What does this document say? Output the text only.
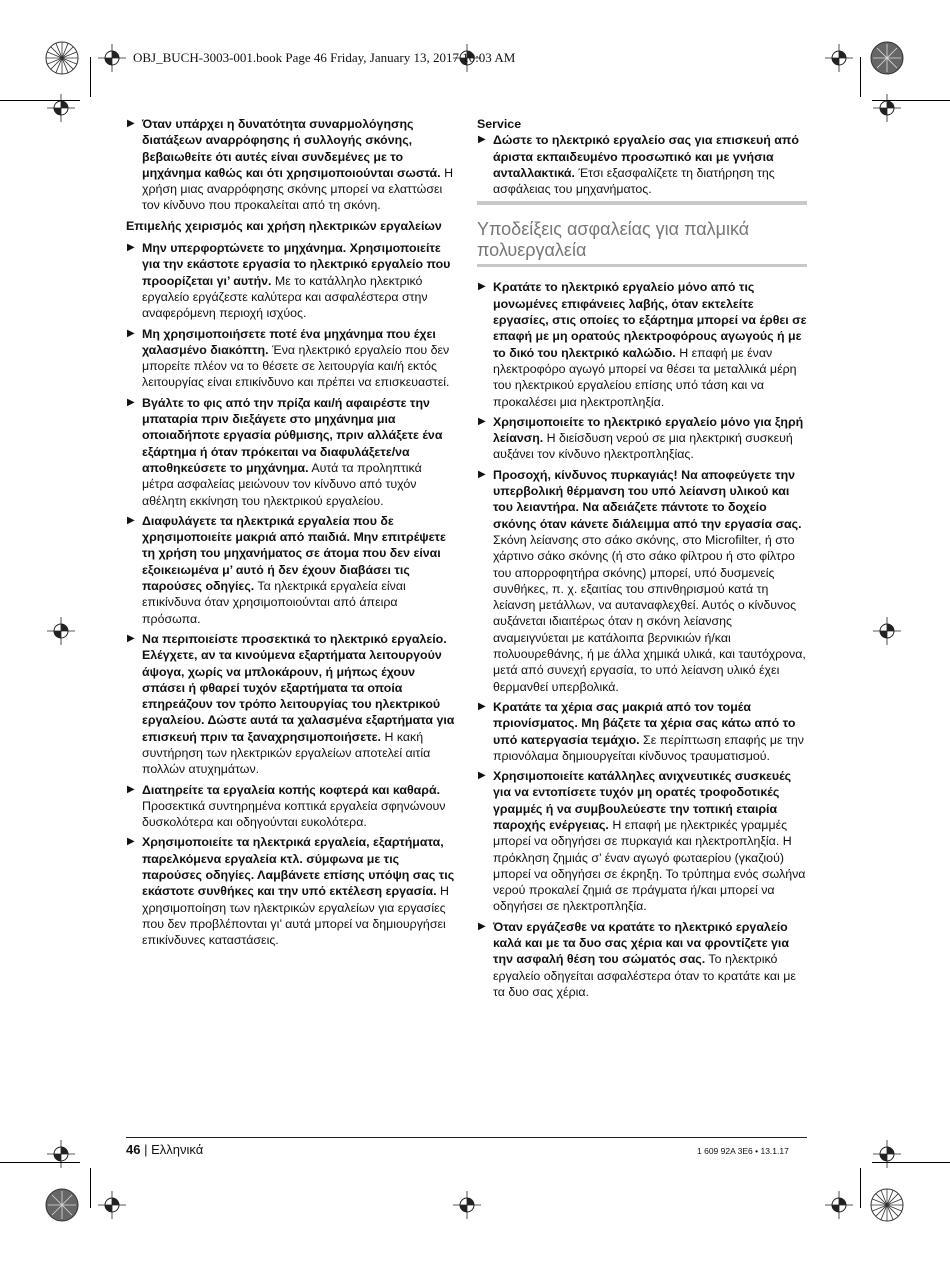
OBJ_BUCH-3003-001.book Page 46 Friday, January 13, 2017 10:03 AM

▶ Όταν υπάρχει η δυνατότητα συναρμολόγησης διατάξεων αναρρόφησης ή συλλογής σκόνης, βεβαιωθείτε ότι αυτές είναι συνδεμένες με το μηχάνημα καθώς και ότι χρησιμοποιούνται σωστά. Η χρήση μιας αναρρόφησης σκόνης μπορεί να ελαττώσει τον κίνδυνο που προκαλείται από τη σκόνη.

Επιμελής χειρισμός και χρήση ηλεκτρικών εργαλείων

▶ Μην υπερφορτώνετε το μηχάνημα. Χρησιμοποιείτε για την εκάστοτε εργασία το ηλεκτρικό εργαλείο που προορίζεται γι’ αυτήν. Με το κατάλληλο ηλεκτρικό εργαλείο εργάζεστε καλύτερα και ασφαλέστερα στην αναφερόμενη περιοχή ισχύος.

▶ Μη χρησιμοποιήσετε ποτέ ένα μηχάνημα που έχει χαλασμένο διακόπτη. Ένα ηλεκτρικό εργαλείο που δεν μπορείτε πλέον να το θέσετε σε λειτουργία και/ή εκτός λειτουργίας είναι επικίνδυνο και πρέπει να επισκευαστεί.

▶ Βγάλτε το φις από την πρίζα και/ή αφαιρέστε την μπαταρία πριν διεξάγετε στο μηχάνημα μια οποιαδήποτε εργασία ρύθμισης, πριν αλλάξετε ένα εξάρτημα ή όταν πρόκειται να διαφυλάξετε/να αποθηκεύσετε το μηχάνημα. Αυτά τα προληπτικά μέτρα ασφαλείας μειώνουν τον κίνδυνο από τυχόν αθέλητη εκκίνηση του ηλεκτρικού εργαλείου.

▶ Διαφυλάγετε τα ηλεκτρικά εργαλεία που δε χρησιμοποιείτε μακριά από παιδιά. Μην επιτρέψετε τη χρήση του μηχανήματος σε άτομα που δεν είναι εξοικειωμένα μ’ αυτό ή δεν έχουν διαβάσει τις παρούσες οδηγίες. Τα ηλεκτρικά εργαλεία είναι επικίνδυνα όταν χρησιμοποιούνται από άπειρα πρόσωπα.

▶ Να περιποιείστε προσεκτικά το ηλεκτρικό εργαλείο. Ελέγχετε, αν τα κινούμενα εξαρτήματα λειτουργούν άψογα, χωρίς να μπλοκάρουν, ή μήπως έχουν σπάσει ή φθαρεί τυχόν εξαρτήματα τα οποία επηρεάζουν τον τρόπο λειτουργίας του ηλεκτρικού εργαλείου. Δώστε αυτά τα χαλασμένα εξαρτήματα για επισκευή πριν τα ξαναχρησιμοποιήσετε. Η κακή συντήρηση των ηλεκτρικών εργαλείων αποτελεί αιτία πολλών ατυχημάτων.

▶ Διατηρείτε τα εργαλεία κοπής κοφτερά και καθαρά. Προσεκτικά συντηρημένα κοπτικά εργαλεία σφηνώνουν δυσκολότερα και οδηγούνται ευκολότερα.

▶ Χρησιμοποιείτε τα ηλεκτρικά εργαλεία, εξαρτήματα, παρελκόμενα εργαλεία κτλ. σύμφωνα με τις παρούσες οδηγίες. Λαμβάνετε επίσης υπόψη σας τις εκάστοτε συνθήκες και την υπό εκτέλεση εργασία. Η χρησιμοποίηση των ηλεκτρικών εργαλείων για εργασίες που δεν προβλέπονται γι’ αυτά μπορεί να δημιουργήσει επικίνδυνες καταστάσεις.

Service

▶ Δώστε το ηλεκτρικό εργαλείο σας για επισκευή από άριστα εκπαιδευμένο προσωπικό και με γνήσια ανταλλακτικά. Έτσι εξασφαλίζετε τη διατήρηση της ασφάλειας του μηχανήματος.

Υποδείξεις ασφαλείας για παλμικά πολυεργαλεία

▶ Κρατάτε το ηλεκτρικό εργαλείο μόνο από τις μονωμένες επιφάνειες λαβής, όταν εκτελείτε εργασίες, στις οποίες το εξάρτημα μπορεί να έρθει σε επαφή με μη ορατούς ηλεκτροφόρους αγωγούς ή με το δικό του ηλεκτρικό καλώδιο. Η επαφή με έναν ηλεκτροφόρο αγωγό μπορεί να θέσει τα μεταλλικά μέρη του ηλεκτρικού εργαλείου επίσης υπό τάση και να προκαλέσει μια ηλεκτροπληξία.

▶ Χρησιμοποιείτε το ηλεκτρικό εργαλείο μόνο για ξηρή λείανση. Η διείσδυση νερού σε μια ηλεκτρική συσκευή αυξάνει τον κίνδυνο ηλεκτροπληξίας.

▶ Προσοχή, κίνδυνος πυρκαγιάς! Να αποφεύγετε την υπερβολική θέρμανση του υπό λείανση υλικού και του λειαντήρα. Να αδειάζετε πάντοτε το δοχείο σκόνης όταν κάνετε διάλειμμα από την εργασία σας. Σκόνη λείανσης στο σάκο σκόνης, στο Microfilter, ή στο χάρτινο σάκο σκόνης (ή στο σάκο φίλτρου ή στο φίλτρο του απορροφητήρα σκόνης) μπορεί, υπό δυσμενείς συνθήκες, π. χ. εξαιτίας του σπινθηρισμού κατά τη λείανση μετάλλων, να αυταναφλεχθεί. Αυτός ο κίνδυνος αυξάνεται ιδιαιτέρως όταν η σκόνη λείανσης αναμειγνύεται με κατάλοιπα βερνικιών ή/και πολυουρεθάνης, ή με άλλα χημικά υλικά, και ταυτόχρονα, μετά από συνεχή εργασία, το υπό λείανση υλικό έχει θερμανθεί υπερβολικά.

▶ Κρατάτε τα χέρια σας μακριά από τον τομέα πριονίσματος. Μη βάζετε τα χέρια σας κάτω από το υπό κατεργασία τεμάχιο. Σε περίπτωση επαφής με την πριονόλαμα δημιουργείται κίνδυνος τραυματισμού.

▶ Χρησιμοποιείτε κατάλληλες ανιχνευτικές συσκευές για να εντοπίσετε τυχόν μη ορατές τροφοδοτικές γραμμές ή να συμβουλεύεστε την τοπική εταιρία παροχής ενέργειας. Η επαφή με ηλεκτρικές γραμμές μπορεί να οδηγήσει σε πυρκαγιά και ηλεκτροπληξία. Η πρόκληση ζημιάς σ’ έναν αγωγό φωταερίου (γκαζιού) μπορεί να οδηγήσει σε έκρηξη. Το τρύπημα ενός σωλήνα νερού προκαλεί ζημιά σε πράγματα ή/και μπορεί να οδηγήσει σε ηλεκτροπληξία.

▶ Όταν εργάζεσθε να κρατάτε το ηλεκτρικό εργαλείο καλά και με τα δυο σας χέρια και να φροντίζετε για την ασφαλή θέση του σώματός σας. Το ηλεκτρικό εργαλείο οδηγείται ασφαλέστερα όταν το κρατάτε και με τα δυο σας χέρια.

46 | Ελληνικά	1 609 92A 3E6 • 13.1.17
